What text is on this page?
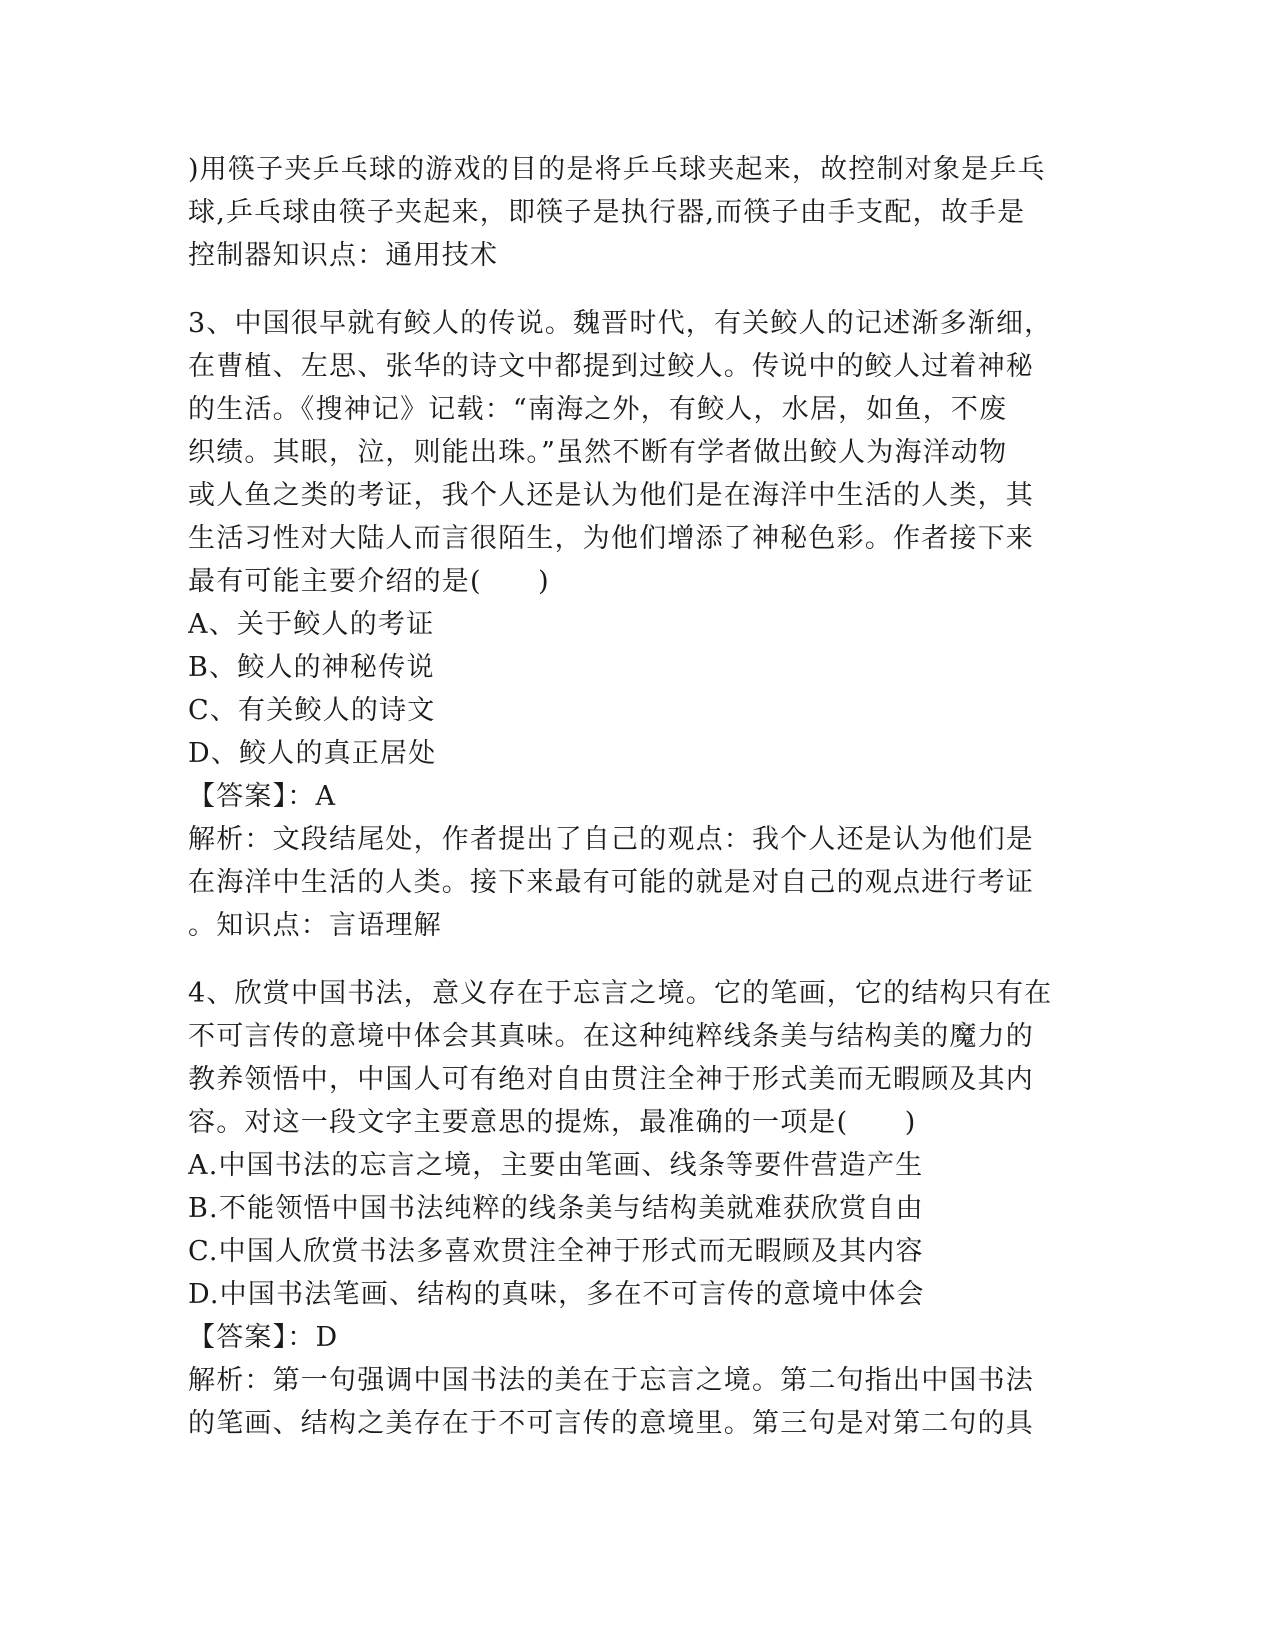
)用筷子夹乒乓球的游戏的目的是将乒乓球夹起来，故控制对象是乒乓
球,乒乓球由筷子夹起来，即筷子是执行器,而筷子由手支配，故手是
控制器知识点：通用技术
3、中国很早就有鲛人的传说。魏晋时代，有关鲛人的记述渐多渐细，
在曹植、左思、张华的诗文中都提到过鲛人。传说中的鲛人过着神秘
的生活。《搜神记》记载：“南海之外，有鲛人，水居，如鱼，不废
织绩。其眼，泣，则能出珠。”虽然不断有学者做出鲛人为海洋动物
或人鱼之类的考证，我个人还是认为他们是在海洋中生活的人类，其
生活习性对大陆人而言很陌生，为他们增添了神秘色彩。作者接下来
最有可能主要介绍的是(　　)
A、关于鲛人的考证
B、鲛人的神秘传说
C、有关鲛人的诗文
D、鲛人的真正居处
【答案】：A
解析：文段结尾处，作者提出了自己的观点：我个人还是认为他们是
在海洋中生活的人类。接下来最有可能的就是对自己的观点进行考证
。知识点：言语理解
4、欣赏中国书法，意义存在于忘言之境。它的笔画，它的结构只有在
不可言传的意境中体会其真味。在这种纯粹线条美与结构美的魔力的
教养领悟中，中国人可有绝对自由贯注全神于形式美而无暇顾及其内
容。对这一段文字主要意思的提炼，最准确的一项是(　　)
A.中国书法的忘言之境，主要由笔画、线条等要件营造产生
B.不能领悟中国书法纯粹的线条美与结构美就难获欣赏自由
C.中国人欣赏书法多喜欢贯注全神于形式而无暇顾及其内容
D.中国书法笔画、结构的真味，多在不可言传的意境中体会
【答案】：D
解析：第一句强调中国书法的美在于忘言之境。第二句指出中国书法
的笔画、结构之美存在于不可言传的意境里。第三句是对第二句的具
